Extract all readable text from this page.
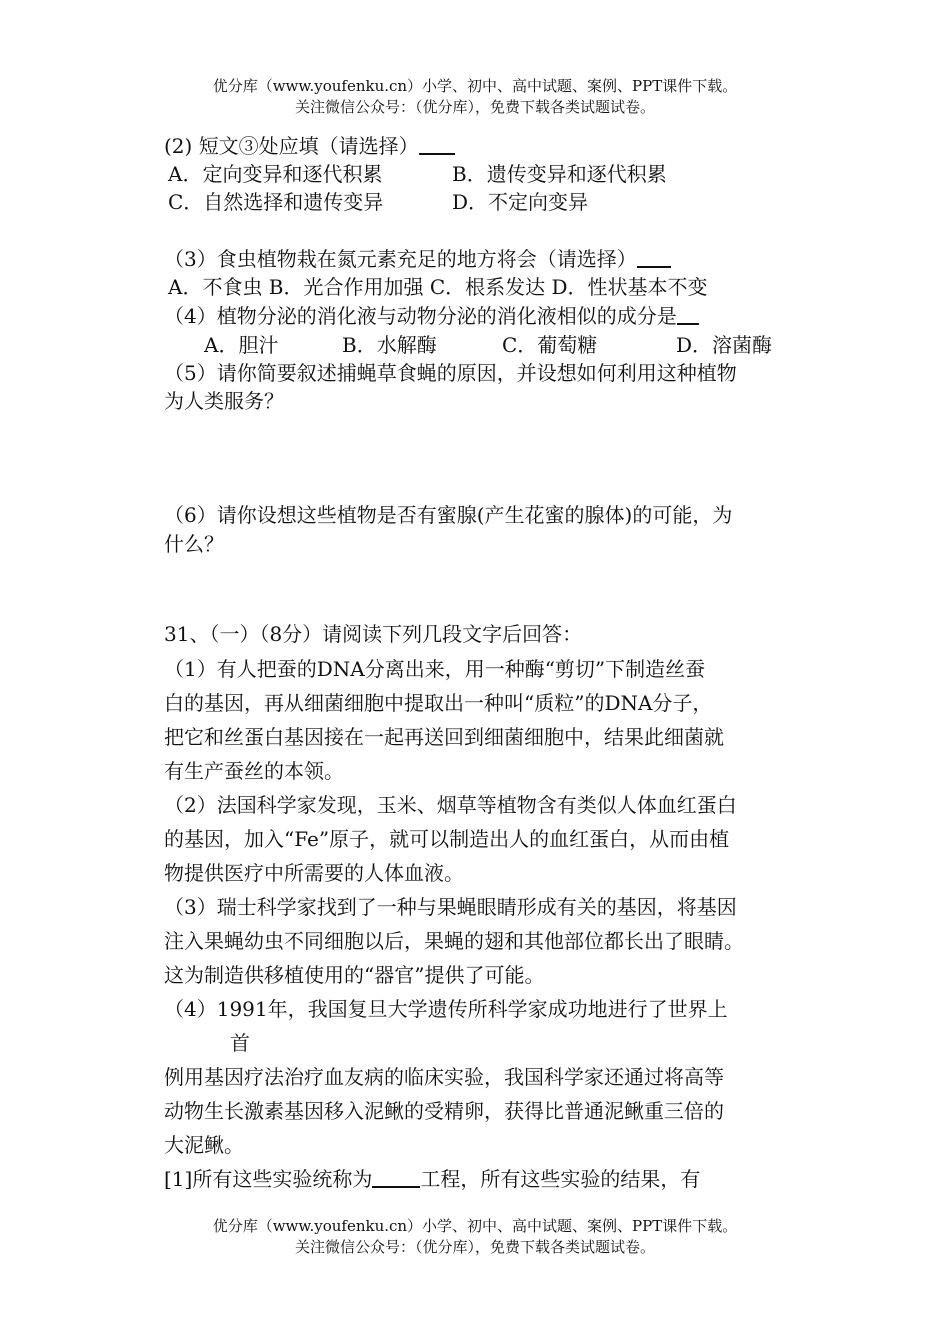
优分库（www.youfenku.cn）小学、初中、高中试题、案例、PPT课件下载。
关注微信公众号：（优分库），免费下载各类试题试卷。
(2) 短文③处应填（请选择）
A．定向变异和逐代积累	B．遗传变异和逐代积累
C．自然选择和遗传变异	D．不定向变异
（3）食虫植物栽在氮元素充足的地方将会（请选择）
A．不食虫 B．光合作用加强 C．根系发达 D．性状基本不变
（4）植物分泌的消化液与动物分泌的消化液相似的成分是
A．胆汁	B．水解酶	C．葡萄糖	D．溶菌酶
（5）请你简要叙述捕蝇草食蝇的原因，并设想如何利用这种植物
为人类服务？
（6）请你设想这些植物是否有蜜腺(产生花蜜的腺体)的可能，为
什么？
31、（一）（8分）请阅读下列几段文字后回答：
（1）有人把蚕的DNA分离出来，用一种酶“剪切”下制造丝蚕
白的基因，再从细菌细胞中提取出一种叫“质粒”的DNA分子，
把它和丝蛋白基因接在一起再送回到细菌细胞中，结果此细菌就
有生产蚕丝的本领。
（2）法国科学家发现，玉米、烟草等植物含有类似人体血红蛋白
的基因，加入“Fe”原子，就可以制造出人的血红蛋白，从而由植
物提供医疗中所需要的人体血液。
（3）瑞士科学家找到了一种与果蝇眼睛形成有关的基因，将基因
注入果蝇幼虫不同细胞以后，果蝇的翅和其他部位都长出了眼睛。
这为制造供移植使用的“器官”提供了可能。
（4）1991年，我国复旦大学遗传所科学家成功地进行了世界上
首
例用基因疗法治疗血友病的临床实验，我国科学家还通过将高等
动物生长激素基因移入泥鳅的受精卵，获得比普通泥鳅重三倍的
大泥鳅。
[1]所有这些实验统称为 工程，所有这些实验的结果，有
优分库（www.youfenku.cn）小学、初中、高中试题、案例、PPT课件下载。
关注微信公众号：（优分库），免费下载各类试题试卷。
